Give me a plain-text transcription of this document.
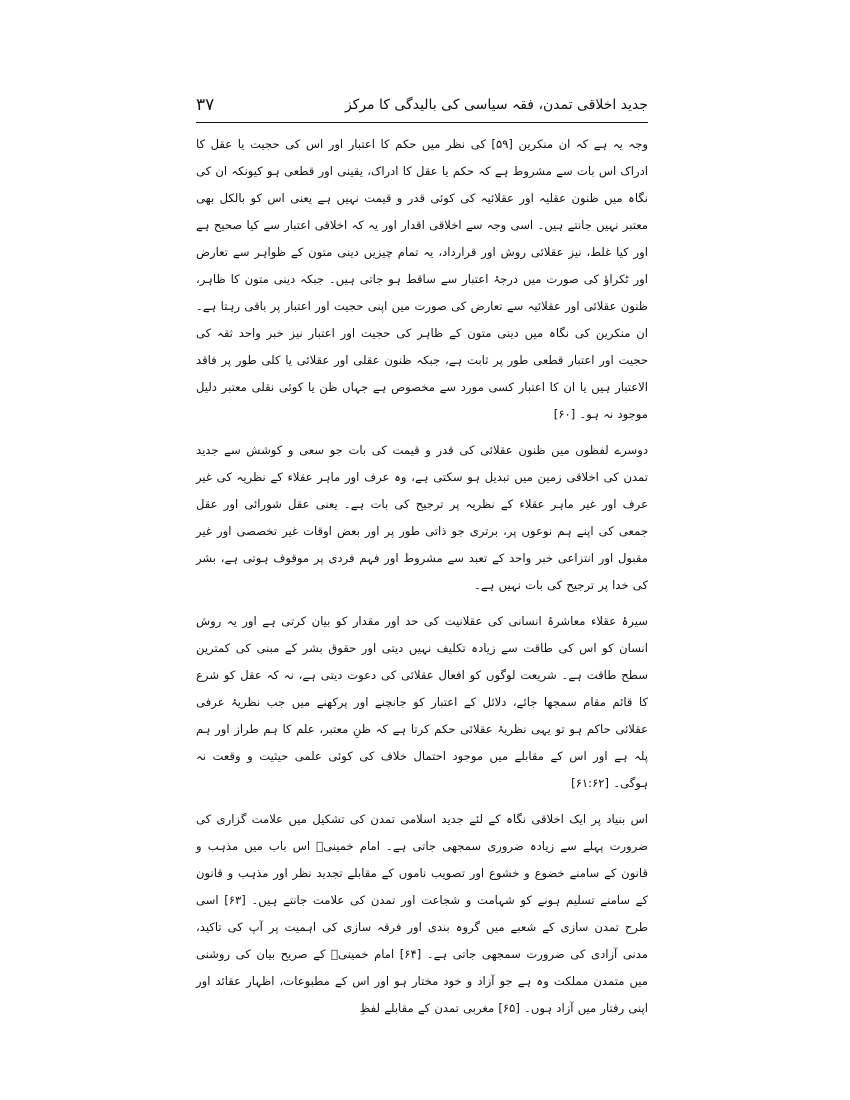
۳۷	جدید اخلاقی تمدن، فقہ سیاسی کی بالیدگی کا مرکز

وجہ یہ ہے کہ ان منکرین [۵۹] کی نظر میں حکم کا اعتبار اور اس کی حجیت یا عقل کا ادراک اس بات سے مشروط ہے کہ حکم یا عقل کا ادراک، یقینی اور قطعی ہو کیونکہ ان کی نگاہ میں ظنون عقلیہ اور عقلائیہ کی کوئی قدر و قیمت نہیں ہے یعنی اس کو بالکل بھی معتبر نہیں جانتے ہیں۔ اسی وجہ سے اخلاقی اقدار اور یہ کہ اخلاقی اعتبار سے کیا صحیح ہے اور کیا غلط، نیز عقلائی روش اور قرارداد، یہ تمام چیزیں دینی متون کے ظواہر سے تعارض اور ٹکراؤ کی صورت میں درجۂ اعتبار سے ساقط ہو جاتی ہیں۔ جبکہ دینی متون کا ظاہر، ظنون عقلائی اور عقلائیہ سے تعارض کی صورت میں اپنی حجیت اور اعتبار پر باقی رہتا ہے۔ ان منکرین کی نگاہ میں دینی متون کے ظاہر کی حجیت اور اعتبار نیز خبر واحد ثقہ کی حجیت اور اعتبار قطعی طور پر ثابت ہے، جبکہ ظنون عقلی اور عقلائی یا کلی طور پر فاقد الاعتبار ہیں یا ان کا اعتبار کسی مورد سے مخصوص ہے جہاں ظن یا کوئی نقلی معتبر دلیل موجود نہ ہو۔ [۶۰]

دوسرے لفظوں میں ظنون عقلائی کی قدر و قیمت کی بات جو سعی و کوشش سے جدید تمدن کی اخلاقی زمین میں تبدیل ہو سکتی ہے، وہ عرف اور ماہر عقلاء کے نظریہ کی غیر عرف اور غیر ماہر عقلاء کے نظریہ پر ترجیح کی بات ہے۔ یعنی عقل شورائی اور عقل جمعی کی اپنے ہم نوعوں پر، برتری جو ذاتی طور پر اور بعض اوقات غیر تخصصی اور غیر مقبول اور انتزاعی خبر واحد کے تعبد سے مشروط اور فہم فردی پر موقوف ہوتی ہے، بشر کی خدا پر ترجیح کی بات نہیں ہے۔

سیرۂ عقلاء معاشرۂ انسانی کی عقلانیت کی حد اور مقدار کو بیان کرتی ہے اور یہ روش انسان کو اس کی طاقت سے زیادہ تکلیف نہیں دیتی اور حقوق بشر کے مبنی کی کمترین سطح طاقت ہے۔ شریعت لوگوں کو افعال عقلائی کی دعوت دیتی ہے، نہ کہ عقل کو شرع کا قائم مقام سمجھا جائے، دلائل کے اعتبار کو جانچنے اور پرکھنے میں جب نظریۂ عرفی عقلائی حاکم ہو تو یہی نظریۂ عقلائی حکم کرتا ہے کہ ظنِ معتبر، علم کا ہم طراز اور ہم پلہ ہے اور اس کے مقابلے میں موجود احتمال خلاف کی کوئی علمی حیثیت و وقعت نہ ہوگی۔ [۶۱:۶۲]

اس بنیاد پر ایک اخلاقی نگاہ کے لئے جدید اسلامی تمدن کی تشکیل میں علامت گزاری کی ضرورت پہلے سے زیادہ ضروری سمجھی جاتی ہے۔ امام خمینیؒ اس باب میں مذہب و قانون کے سامنے خضوع و خشوع اور تصویب ناموں کے مقابلے تجدید نظر اور مذہب و قانون کے سامنے تسلیم ہونے کو شہامت و شجاعت اور تمدن کی علامت جانتے ہیں۔ [۶۳] اسی طرح تمدن سازی کے شعبے میں گروہ بندی اور فرقہ سازی کی اہمیت پر آپ کی تاکید، مدنی آزادی کی ضرورت سمجھی جاتی ہے۔ [۶۴] امام خمینیؒ کے صریح بیان کی روشنی میں متمدن مملکت وہ ہے جو آزاد و خود مختار ہو اور اس کے مطبوعات، اظہار عقائد اور اپنی رفتار میں آزاد ہوں۔ [۶۵] مغربی تمدن کے مقابلے لفظِ
